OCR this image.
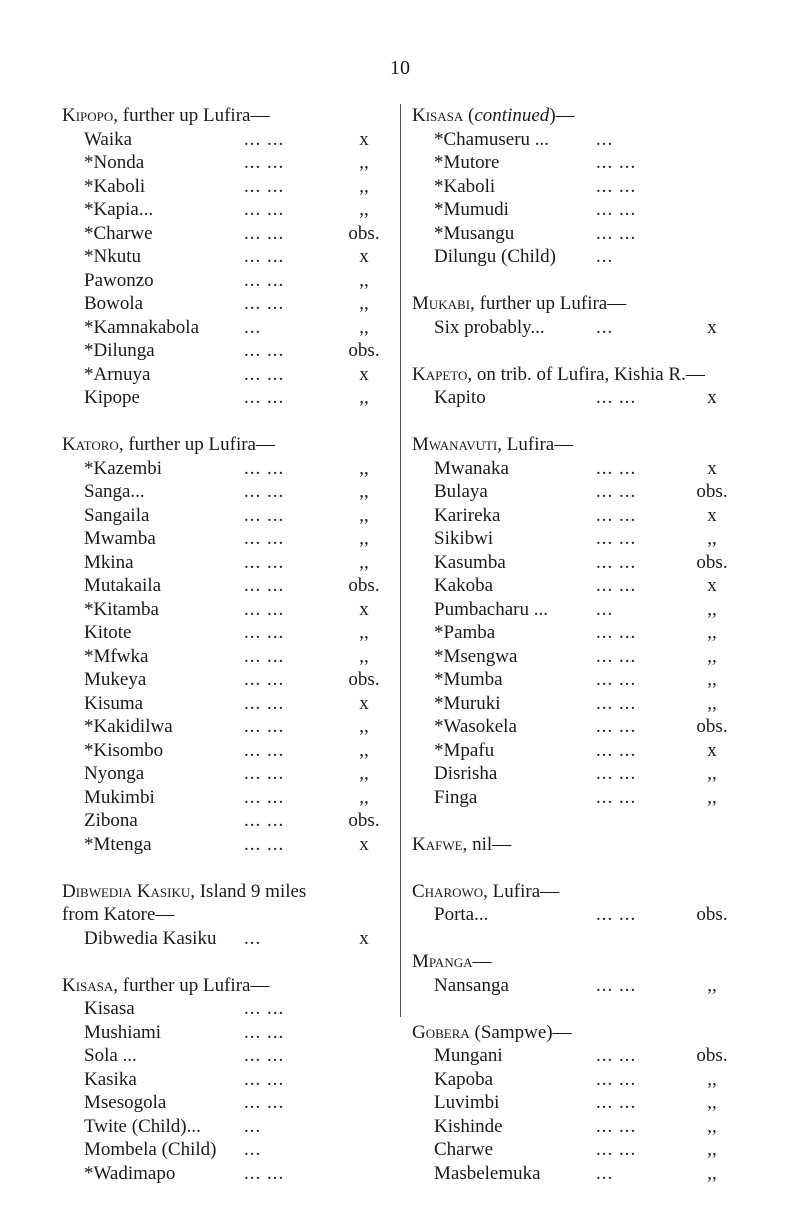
10
Kipopo, further up Lufira—
Waika	... ...	x
*Nonda	... ...	,,
*Kaboli	... ...	,,
*Kapia...	... ...	,,
*Charwe	... ...	obs.
*Nkutu	... ...	x
Pawonzo	... ...	,,
Bowola	... ...	,,
*Kamnakabola ...	,,
*Dilunga	... ...	obs.
*Arnuya	... ...	x
Kipope	... ...	,,
Katoro, further up Lufira—
*Kazembi	... ...	,,
Sanga...	... ...	,,
Sangaila	... ...	,,
Mwamba	... ...	,,
Mkina	... ...	,,
Mutakaila	... ...	obs.
*Kitamba	... ...	x
Kitote	... ...	,,
*Mfwka	... ...	,,
Mukeya	... ...	obs.
Kisuma	... ...	x
*Kakidilwa	... ...	,,
*Kisombo	... ...	,,
Nyonga	... ...	,,
Mukimbi	... ...	,,
Zibona	... ...	obs.
*Mtenga	... ...	x
Dibwedia Kasiku, Island 9 miles
from Katore—
Dibwedia Kasiku ...	x
Kisasa, further up Lufira—
Kisasa	... ...
Mushiami	... ...
Sola ...	... ...
Kasika	... ...
Msesogola	... ...
Twite (Child)... ...
Mombela (Child) ...
*Wadimapo	... ...
Kisasa (continued)—
*Chamuseru ... ...
*Mutore	... ...
*Kaboli	... ...
*Mumudi	... ...
*Musangu	... ...
Dilungu (Child) ...
Mukabi, further up Lufira—
Six probably...	...	x
Kapeto, on trib. of Lufira, Kishia R.—
Kapito	... ...	x
Mwanavuti, Lufira—
Mwanaka	... ...	x
Bulaya	... ...	obs.
Karireka	... ...	x
Sikibwi	... ...	,,
Kasumba	... ...	obs.
Kakoba	... ...	x
Pumbacharu ...	...	,,
*Pamba	... ...	,,
*Msengwa	... ...	,,
*Mumba	... ...	,,
*Muruki	... ...	,,
*Wasokela	... ...	obs.
*Mpafu	... ...	x
Disrisha	... ...	,,
Finga	... ...	,,
Kafwe, nil—
Charowo, Lufira—
Porta...	... ...	obs.
Mpanga—
Nansanga	... ...	,,
Gobera (Sampwe)—
Mungani	... ...	obs.
Kapoba	... ...	,,
Luvimbi	... ...	,,
Kishinde	... ...	,,
Charwe	... ...	,,
Masbelemuka	...	,,
